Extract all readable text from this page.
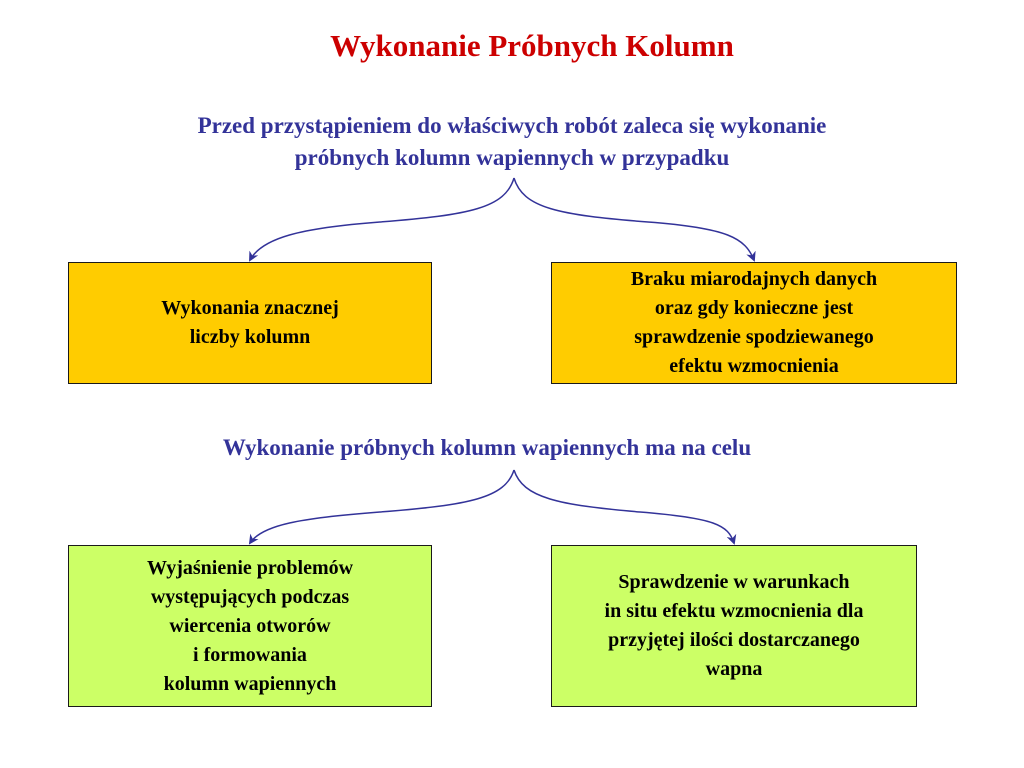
Wykonanie Próbnych Kolumn
Przed przystąpieniem do właściwych robót zaleca się wykonanie
próbnych kolumn wapiennych w przypadku
Wykonania znacznej
liczby kolumn
Braku miarodajnych danych
oraz gdy konieczne jest
sprawdzenie spodziewanego
efektu wzmocnienia
Wykonanie próbnych kolumn wapiennych ma na celu
Wyjaśnienie problemów
występujących podczas
wiercenia otworów
i formowania
kolumn wapiennych
Sprawdzenie w warunkach
in situ efektu wzmocnienia dla
przyjętej ilości dostarczanego
wapna
